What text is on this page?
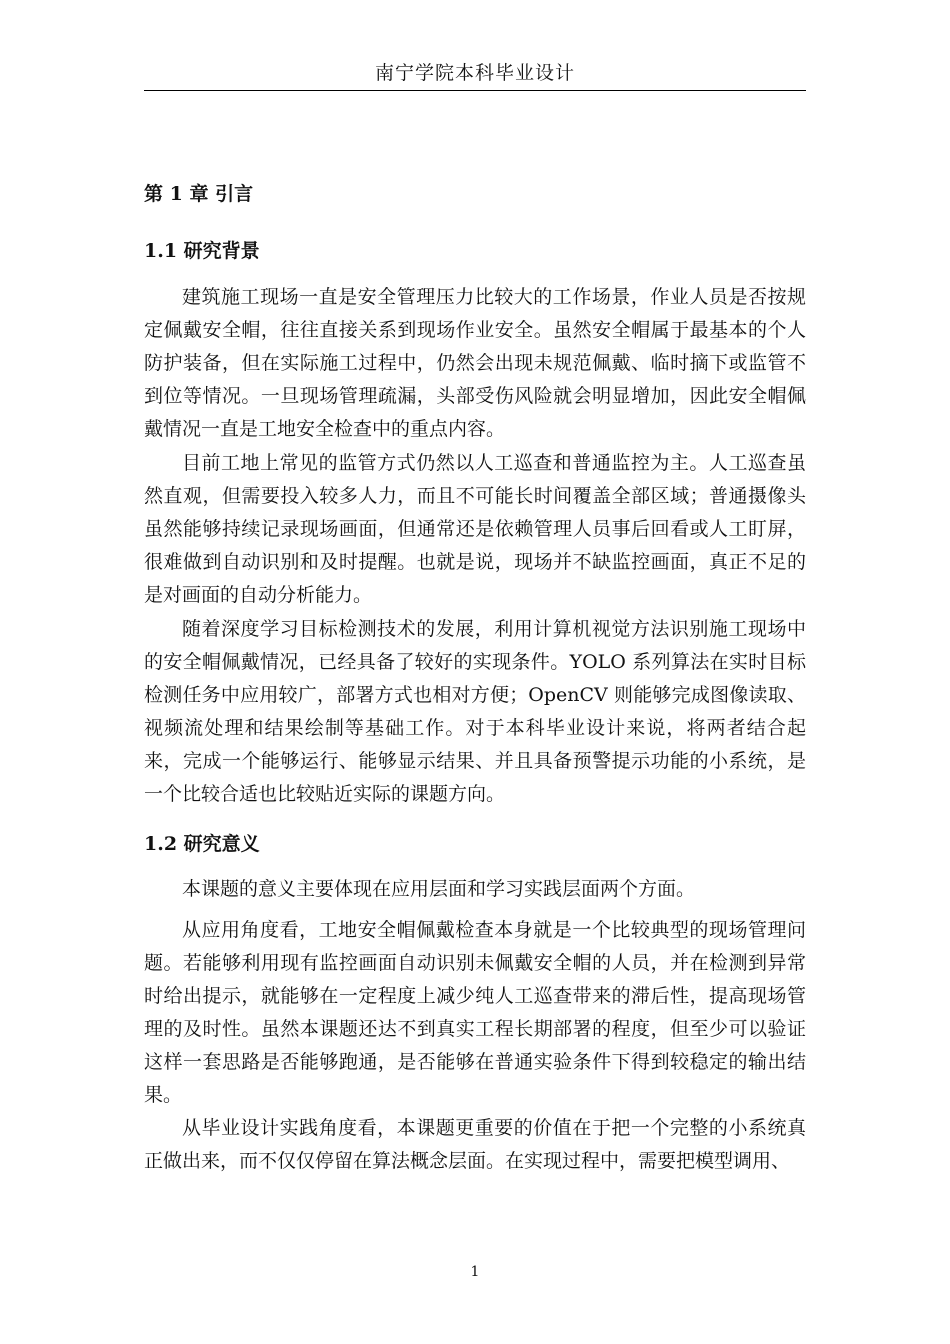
南宁学院本科毕业设计
第 1 章 引言
1.1 研究背景

建筑施工现场一直是安全管理压力比较大的工作场景，作业人员是否按规定佩戴安全帽，往往直接关系到现场作业安全。虽然安全帽属于最基本的个人防护装备，但在实际施工过程中，仍然会出现未规范佩戴、临时摘下或监管不到位等情况。一旦现场管理疏漏，头部受伤风险就会明显增加，因此安全帽佩戴情况一直是工地安全检查中的重点内容。

目前工地上常见的监管方式仍然以人工巡查和普通监控为主。人工巡查虽然直观，但需要投入较多人力，而且不可能长时间覆盖全部区域；普通摄像头虽然能够持续记录现场画面，但通常还是依赖管理人员事后回看或人工盯屏，很难做到自动识别和及时提醒。也就是说，现场并不缺监控画面，真正不足的是对画面的自动分析能力。

随着深度学习目标检测技术的发展，利用计算机视觉方法识别施工现场中的安全帽佩戴情况，已经具备了较好的实现条件。YOLO 系列算法在实时目标检测任务中应用较广，部署方式也相对方便；OpenCV 则能够完成图像读取、视频流处理和结果绘制等基础工作。对于本科毕业设计来说，将两者结合起来，完成一个能够运行、能够显示结果、并且具备预警提示功能的小系统，是一个比较合适也比较贴近实际的课题方向。

1.2 研究意义

本课题的意义主要体现在应用层面和学习实践层面两个方面。

从应用角度看，工地安全帽佩戴检查本身就是一个比较典型的现场管理问题。若能够利用现有监控画面自动识别未佩戴安全帽的人员，并在检测到异常时给出提示，就能够在一定程度上减少纯人工巡查带来的滞后性，提高现场管理的及时性。虽然本课题还达不到真实工程长期部署的程度，但至少可以验证这样一套思路是否能够跑通，是否能够在普通实验条件下得到较稳定的输出结果。

从毕业设计实践角度看，本课题更重要的价值在于把一个完整的小系统真正做出来，而不仅仅停留在算法概念层面。在实现过程中，需要把模型调用、

1
